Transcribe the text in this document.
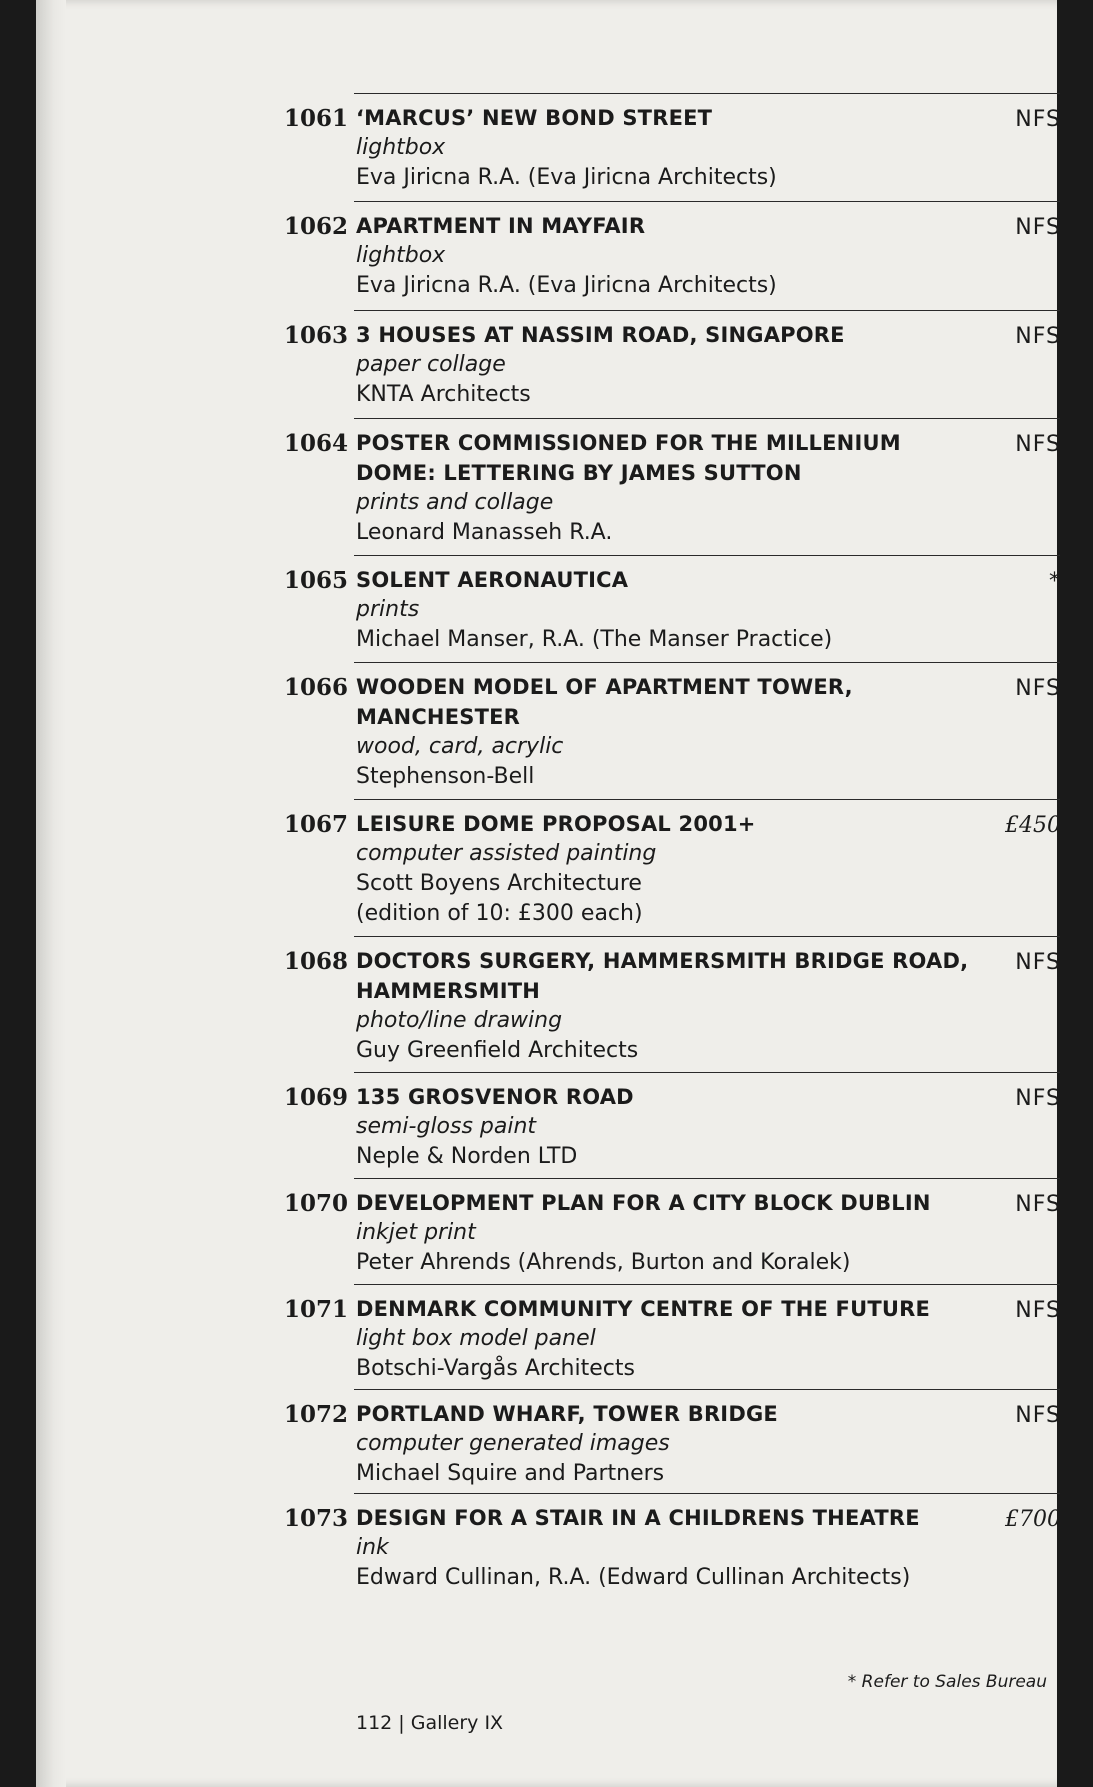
1061 ‘MARCUS’ NEW BOND STREET
lightbox
Eva Jiricna R.A. (Eva Jiricna Architects)
NFS
1062 APARTMENT IN MAYFAIR
lightbox
Eva Jiricna R.A. (Eva Jiricna Architects)
NFS
1063 3 HOUSES AT NASSIM ROAD, SINGAPORE
paper collage
KNTA Architects
NFS
1064 POSTER COMMISSIONED FOR THE MILLENIUM
DOME: LETTERING BY JAMES SUTTON
prints and collage
Leonard Manasseh R.A.
NFS
1065 SOLENT AERONAUTICA
prints
Michael Manser, R.A. (The Manser Practice)
*
1066 WOODEN MODEL OF APARTMENT TOWER,
MANCHESTER
wood, card, acrylic
Stephenson-Bell
NFS
1067 LEISURE DOME PROPOSAL 2001+
computer assisted painting
Scott Boyens Architecture
(edition of 10: £300 each)
£450
1068 DOCTORS SURGERY, HAMMERSMITH BRIDGE ROAD,
HAMMERSMITH
photo/line drawing
Guy Greenfield Architects
NFS
1069 135 GROSVENOR ROAD
semi-gloss paint
Neple & Norden LTD
NFS
1070 DEVELOPMENT PLAN FOR A CITY BLOCK DUBLIN
inkjet print
Peter Ahrends (Ahrends, Burton and Koralek)
NFS
1071 DENMARK COMMUNITY CENTRE OF THE FUTURE
light box model panel
Botschi-Vargås Architects
NFS
1072 PORTLAND WHARF, TOWER BRIDGE
computer generated images
Michael Squire and Partners
NFS
1073 DESIGN FOR A STAIR IN A CHILDRENS THEATRE
ink
Edward Cullinan, R.A. (Edward Cullinan Architects)
£700
* Refer to Sales Bureau
112 | Gallery IX
